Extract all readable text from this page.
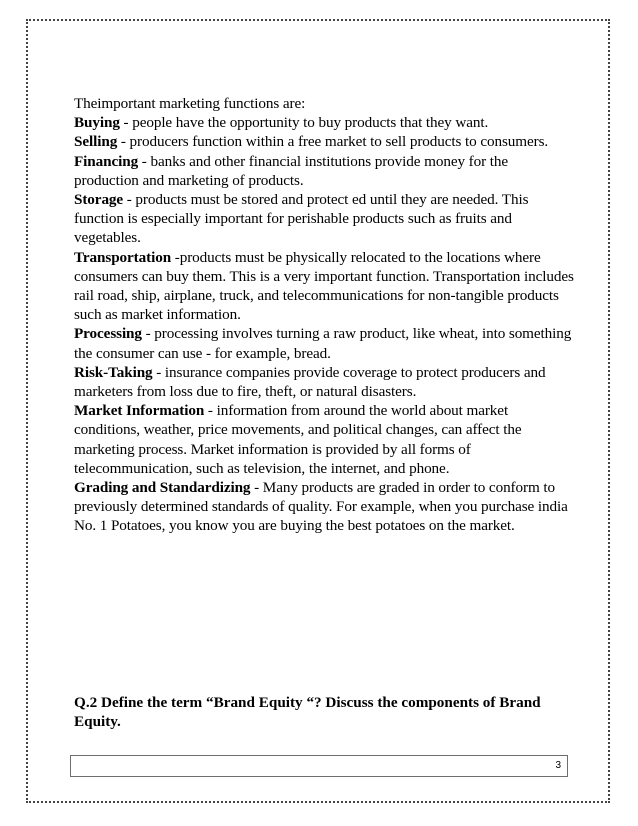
Theimportant marketing functions are:

Buying - people have the opportunity to buy products that they want.

Selling - producers function within a free market to sell products to consumers.

Financing - banks and other financial institutions provide money for the production and marketing of products.

Storage - products must be stored and protect ed until they are needed. This function is especially important for perishable products such as fruits and vegetables.

Transportation -products must be physically relocated to the locations where consumers can buy them. This is a very important function. Transportation includes rail road, ship, airplane, truck, and telecommunications for non-tangible products such as market information.

Processing - processing involves turning a raw product, like wheat, into something the consumer can use - for example, bread.

Risk-Taking - insurance companies provide coverage to protect producers and marketers from loss due to fire, theft, or natural disasters.

Market Information - information from around the world about market conditions, weather, price movements, and political changes, can affect the marketing process. Market information is provided by all forms of telecommunication, such as television, the internet, and phone.

Grading and Standardizing - Many products are graded in order to conform to previously determined standards of quality. For example, when you purchase india No. 1 Potatoes, you know you are buying the best potatoes on the market.

Q.2 Define the term “Brand Equity “? Discuss the components of Brand Equity.
3
